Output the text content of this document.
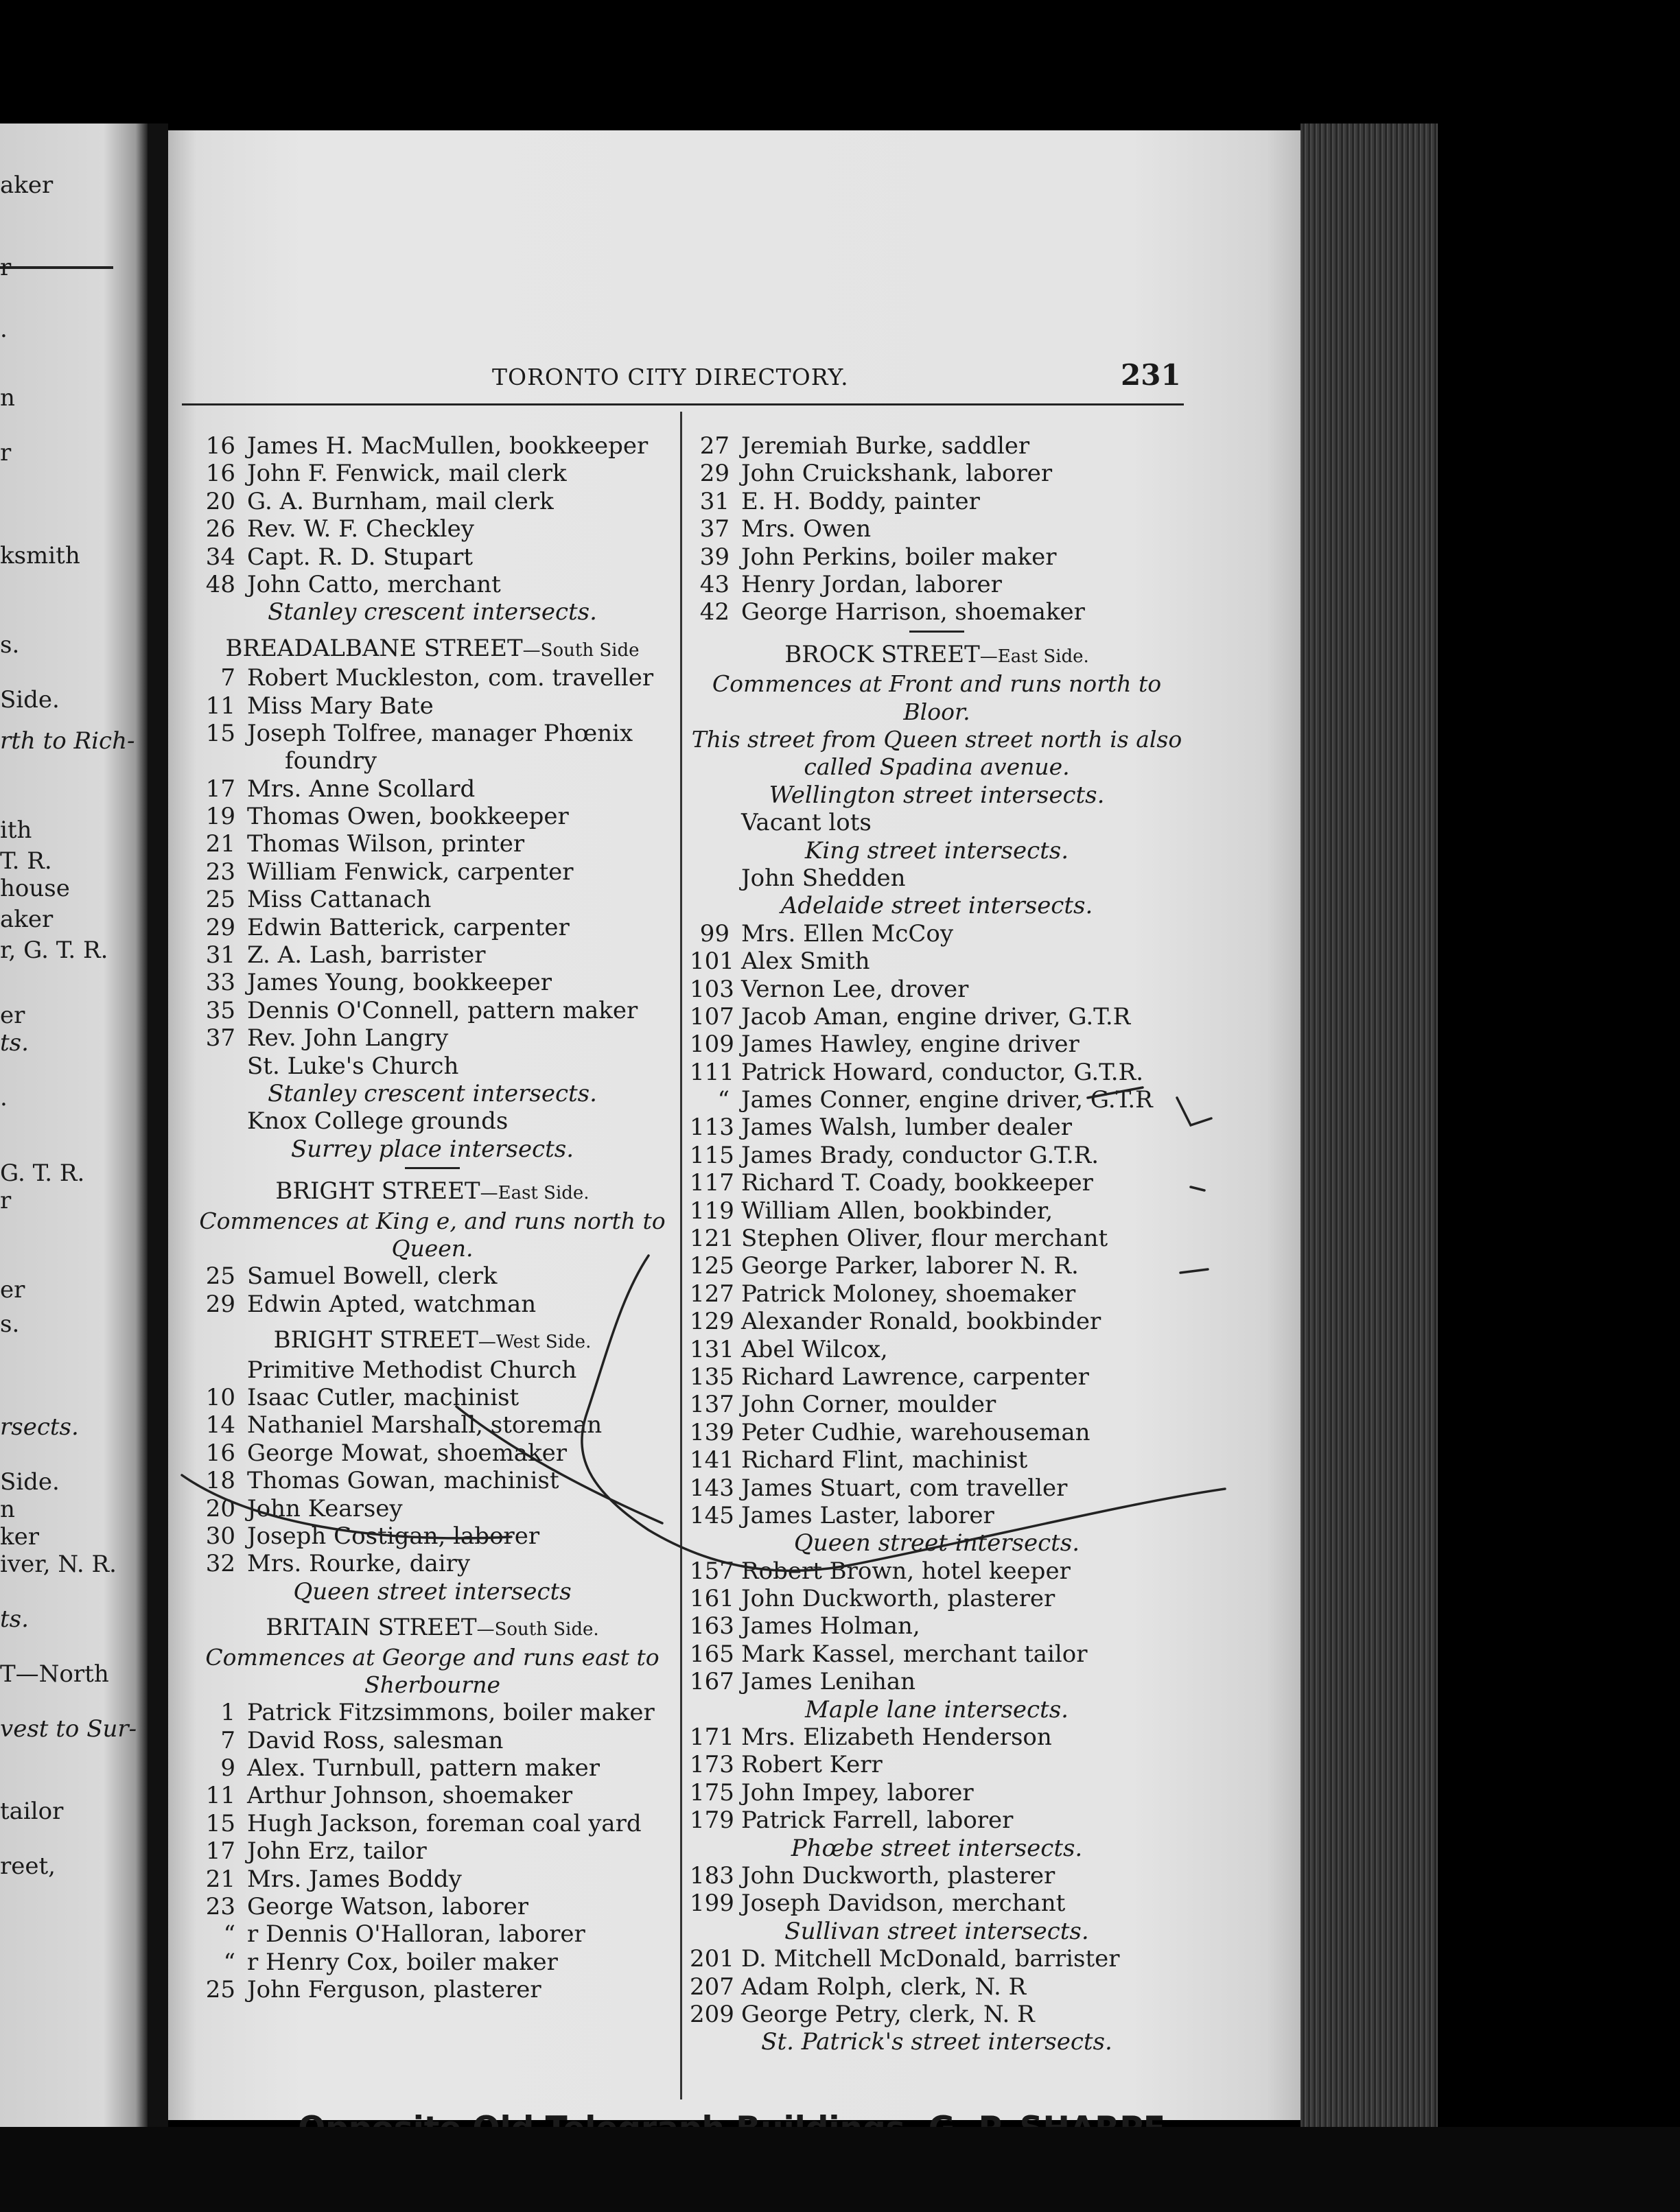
aker
r
.
n
r
ksmith
s.
Side.
rth to Rich-
ith
T. R.
house
aker
r, G. T. R.
er
ts.
.
G. T. R.
r
er
s.
rsects.
Side.
n
ker
iver, N. R.
ts.
T—North
vest to Sur-
tailor
reet,
TORONTO CITY DIRECTORY.	231
16 James H. MacMullen, bookkeeper
16 John F. Fenwick, mail clerk
20 G. A. Burnham, mail clerk
26 Rev. W. F. Checkley
34 Capt. R. D. Stupart
48 John Catto, merchant
Stanley crescent intersects.
BREADALBANE STREET—South Side
7 Robert Muckleston, com. traveller
11 Miss Mary Bate
15 Joseph Tolfree, manager Phœnix
foundry
17 Mrs. Anne Scollard
19 Thomas Owen, bookkeeper
21 Thomas Wilson, printer
23 William Fenwick, carpenter
25 Miss Cattanach
29 Edwin Batterick, carpenter
31 Z. A. Lash, barrister
33 James Young, bookkeeper
35 Dennis O'Connell, pattern maker
37 Rev. John Langry
St. Luke's Church
Stanley crescent intersects.
Knox College grounds
Surrey place intersects.
BRIGHT STREET—East Side.
Commences at King e, and runs north to Queen.
25 Samuel Bowell, clerk
29 Edwin Apted, watchman
BRIGHT STREET—West Side.
Primitive Methodist Church
10 Isaac Cutler, machinist
14 Nathaniel Marshall, storeman
16 George Mowat, shoemaker
18 Thomas Gowan, machinist
20 John Kearsey
30 Joseph Costigan, laborer
32 Mrs. Rourke, dairy
Queen street intersects
BRITAIN STREET—South Side.
Commences at George and runs east to Sherbourne
1 Patrick Fitzsimmons, boiler maker
7 David Ross, salesman
9 Alex. Turnbull, pattern maker
11 Arthur Johnson, shoemaker
15 Hugh Jackson, foreman coal yard
17 John Erz, tailor
21 Mrs. James Boddy
23 George Watson, laborer
“ r Dennis O'Halloran, laborer
“ r Henry Cox, boiler maker
25 John Ferguson, plasterer
27 Jeremiah Burke, saddler
29 John Cruickshank, laborer
31 E. H. Boddy, painter
37 Mrs. Owen
39 John Perkins, boiler maker
43 Henry Jordan, laborer
42 George Harrison, shoemaker
BROCK STREET—East Side.
Commences at Front and runs north to Bloor.
This street from Queen street north is also called Spadina avenue.
Wellington street intersects.
Vacant lots
King street intersects.
John Shedden
Adelaide street intersects.
99 Mrs. Ellen McCoy
101 Alex Smith
103 Vernon Lee, drover
107 Jacob Aman, engine driver, G.T.R
109 James Hawley, engine driver
111 Patrick Howard, conductor, G.T.R.
“ James Conner, engine driver, G.T.R
113 James Walsh, lumber dealer
115 James Brady, conductor G.T.R.
117 Richard T. Coady, bookkeeper
119 William Allen, bookbinder,
121 Stephen Oliver, flour merchant
125 George Parker, laborer N. R.
127 Patrick Moloney, shoemaker
129 Alexander Ronald, bookbinder
131 Abel Wilcox,
135 Richard Lawrence, carpenter
137 John Corner, moulder
139 Peter Cudhie, warehouseman
141 Richard Flint, machinist
143 James Stuart, com traveller
145 James Laster, laborer
Queen street intersects.
157 Robert Brown, hotel keeper
161 John Duckworth, plasterer
163 James Holman,
165 Mark Kassel, merchant tailor
167 James Lenihan
Maple lane intersects.
171 Mrs. Elizabeth Henderson
173 Robert Kerr
175 John Impey, laborer
179 Patrick Farrell, laborer
Phœbe street intersects.
183 John Duckworth, plasterer
199 Joseph Davidson, merchant
Sullivan street intersects.
201 D. Mitchell McDonald, barrister
207 Adam Rolph, clerk, N. R
209 George Petry, clerk, N. R
St. Patrick's street intersects.
